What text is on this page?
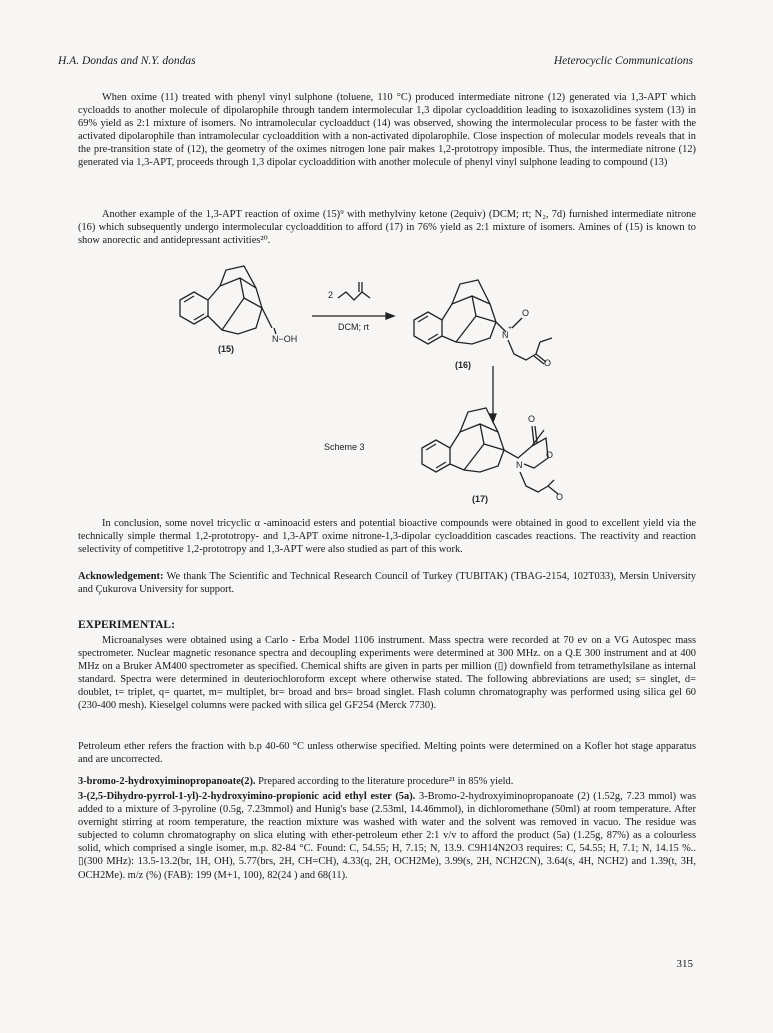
H.A. Dondas and N.Y. dondas	Heterocyclic Communications

When oxime (11) treated with phenyl vinyl sulphone (toluene, 110 °C) produced intermediate nitrone (12) generated via 1,3-APT which cycloadds to another molecule of dipolarophile through tandem intermolecular 1,3 dipolar cycloaddition leading to isoxazolidines system (13) in 69% yield as 2:1 mixture of isomers. No intramolecular cycloadduct (14) was observed, showing the intermolecular process to be faster with the activated dipolarophile than intramolecular cycloaddition with a non-activated dipolarophile. Close inspection of molecular models reveals that in the pre-transition state of (12), the geometry of the oximes nitrogen lone pair makes 1,2-prototropy imposible. Thus, the intermediate nitrone (12) generated via 1,3-APT, proceeds through 1,3 dipolar cycloaddition with another molecule of phenyl vinyl sulphone leading to compound (13)

Another example of the 1,3-APT reaction of oxime (15)⁹ with methylviny ketone (2equiv) (DCM; rt; N₂, 7d) furnished intermediate nitrone (16) which subsequently undergo intermolecular cycloaddition to afford (17) in 76% yield as 2:1 mixture of isomers. Amines of (15) is known to show anorectic and antidepressant activities²⁰.

N−OH
(15)
2
DCM; rt
(16)
N
+
O
O
O
N
O
O
Scheme 3
(17)

In conclusion, some novel tricyclic α -aminoacid esters and potential bioactive compounds were obtained in good to excellent yield via the technically simple thermal 1,2-prototropy- and 1,3-APT oxime nitrone-1,3-dipolar cycloaddition cascades reactions. The reactivity and reaction selectivity of competitive 1,2-prototropy and 1,3-APT were also studied as part of this work.

Acknowledgement: We thank The Scientific and Technical Research Council of Turkey (TUBITAK) (TBAG-2154, 102T033), Mersin University and Çukurova University for support.

EXPERIMENTAL:

Microanalyses were obtained using a Carlo - Erba Model 1106 instrument. Mass spectra were recorded at 70 ev on a VG Autospec mass spectrometer. Nuclear magnetic resonance spectra and decoupling experiments were determined at 300 MHz. on a Q.E 300 instrument and at 400 MHz on a Bruker AM400 spectrometer as specified. Chemical shifts are given in parts per million (▯) downfield from tetramethylsilane as internal standard. Spectra were determined in deuteriochloroform except where otherwise stated. The following abbreviations are used; s= singlet, d= doublet, t= triplet, q= quartet, m= multiplet, br= broad and brs= broad singlet. Flash column chromatography was performed using silica gel 60 (230-400 mesh). Kieselgel columns were packed with silica gel GF254 (Merck 7730).

Petroleum ether refers the fraction with b.p 40-60 °C unless otherwise specified. Melting points were determined on a Kofler hot stage apparatus and are uncorrected.

3-bromo-2-hydroxyiminopropanoate(2). Prepared according to the literature procedure²¹ in 85% yield.

3-(2,5-Dihydro-pyrrol-1-yl)-2-hydroxyimino-propionic acid ethyl ester (5a). 3-Bromo-2-hydroxyiminopropanoate (2) (1.52g, 7.23 mmol) was added to a mixture of 3-pyroline (0.5g, 7.23mmol) and Hunig's base (2.53ml, 14.46mmol), in dichloromethane (50ml) at room temperature. After overnight stirring at room temperature, the reaction mixture was washed with water and the solvent was removed in vacuo. The residue was subjected to column chromatography on slica eluting with ether-petroleum ether 2:1 v/v to afford the product (5a) (1.25g, 87%) as a colourless solid, which comprised a single isomer, m.p. 82-84 °C. Found: C, 54.55; H, 7.15; N, 13.9. C9H14N2O3 requires: C, 54.55; H, 7.1; N, 14.15 %.. ▯(300 MHz): 13.5-13.2(br, 1H, OH), 5.77(brs, 2H, CH=CH), 4.33(q, 2H, OCH2Me), 3.99(s, 2H, NCH2CN), 3.64(s, 4H, NCH2) and 1.39(t, 3H, OCH2Me). m/z (%) (FAB): 199 (M+1, 100), 82(24 ) and 68(11).

315
